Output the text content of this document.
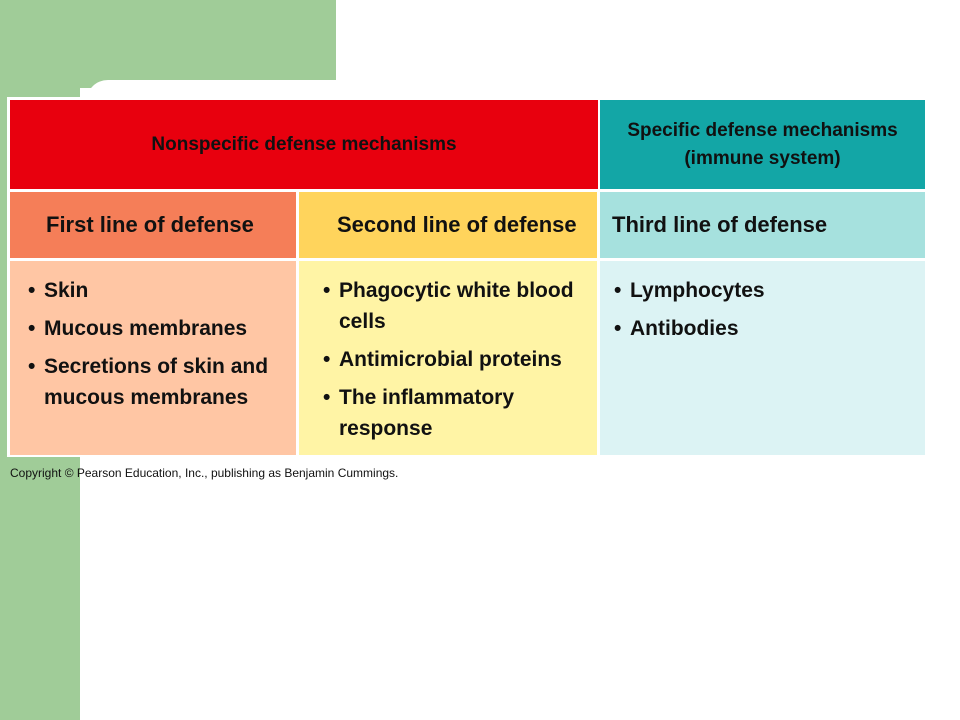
Nonspecific defense mechanisms
Specific defense mechanisms
(immune system)
First line of defense	Second line of defense Third line of defense
• Skin
• Mucous membranes
• Secretions of skin and mucous membranes
• Phagocytic white blood cells
• Antimicrobial proteins
• The inflammatory response
• Lymphocytes
• Antibodies
Copyright © Pearson Education, Inc., publishing as Benjamin Cummings.
